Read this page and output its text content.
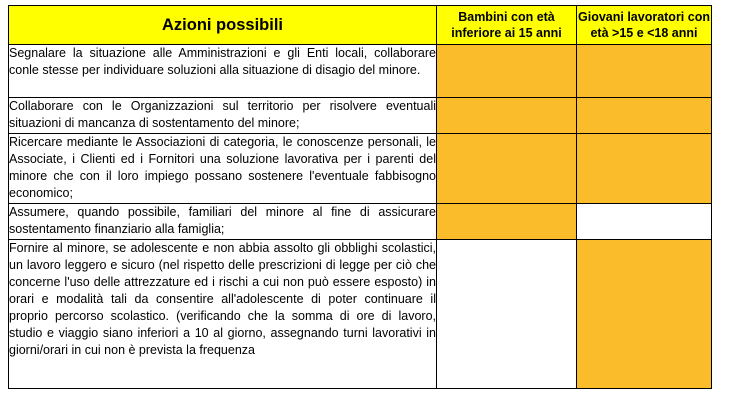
Azioni possibili	Bambini con età inferiore ai 15 anni	Giovani lavoratori con età >15 e <18 anni
Segnalare la situazione alle Amministrazioni e gli Enti locali, collaborare conle stesse per individuare soluzioni alla situazione di disagio del minore.		
Collaborare con le Organizzazioni sul territorio per risolvere eventuali situazioni di mancanza di sostentamento del minore;		
Ricercare mediante le Associazioni di categoria, le conoscenze personali, le Associate, i Clienti ed i Fornitori una soluzione lavorativa per i parenti del minore che con il loro impiego possano sostenere l'eventuale fabbisogno economico;		
Assumere, quando possibile, familiari del minore al fine di assicurare sostentamento finanziario alla famiglia;		
Fornire al minore, se adolescente e non abbia assolto gli obblighi scolastici, un lavoro leggero e sicuro (nel rispetto delle prescrizioni di legge per ciò che concerne l'uso delle attrezzature ed i rischi a cui non può essere esposto) in orari e modalità tali da consentire all'adolescente di poter continuare il proprio percorso scolastico. (verificando che la somma di ore di lavoro, studio e viaggio siano inferiori a 10 al giorno, assegnando turni lavorativi in giorni/orari in cui non è prevista la frequenza		
